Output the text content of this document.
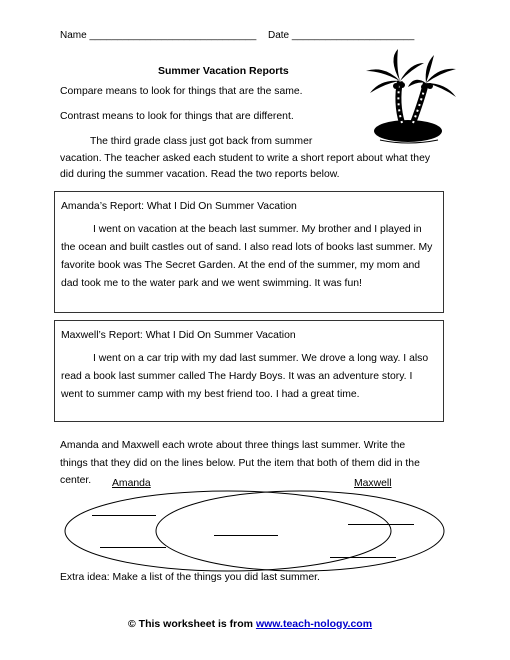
Name ______________________________ Date ______________________
Summer Vacation Reports
Compare means to look for things that are the same.
Contrast means to look for things that are different.
The third grade class just got back from summer
vacation. The teacher asked each student to write a short report about what they
did during the summer vacation. Read the two reports below.

Amanda’s Report: What I Did On Summer Vacation

I went on vacation at the beach last summer. My brother and I played in the ocean and built castles out of sand. I also read lots of books last summer. My favorite book was The Secret Garden. At the end of the summer, my mom and dad took me to the water park and we went swimming. It was fun!

Maxwell’s Report: What I Did On Summer Vacation

I went on a car trip with my dad last summer. We drove a long way. I also read a book last summer called The Hardy Boys. It was an adventure story. I went to summer camp with my best friend too. I had a great time.

Amanda and Maxwell each wrote about three things last summer. Write the
things that they did on the lines below. Put the item that both of them did in the
center. Amanda	Maxwell
Extra idea: Make a list of the things you did last summer.
© This worksheet is from www.teach-nology.com
